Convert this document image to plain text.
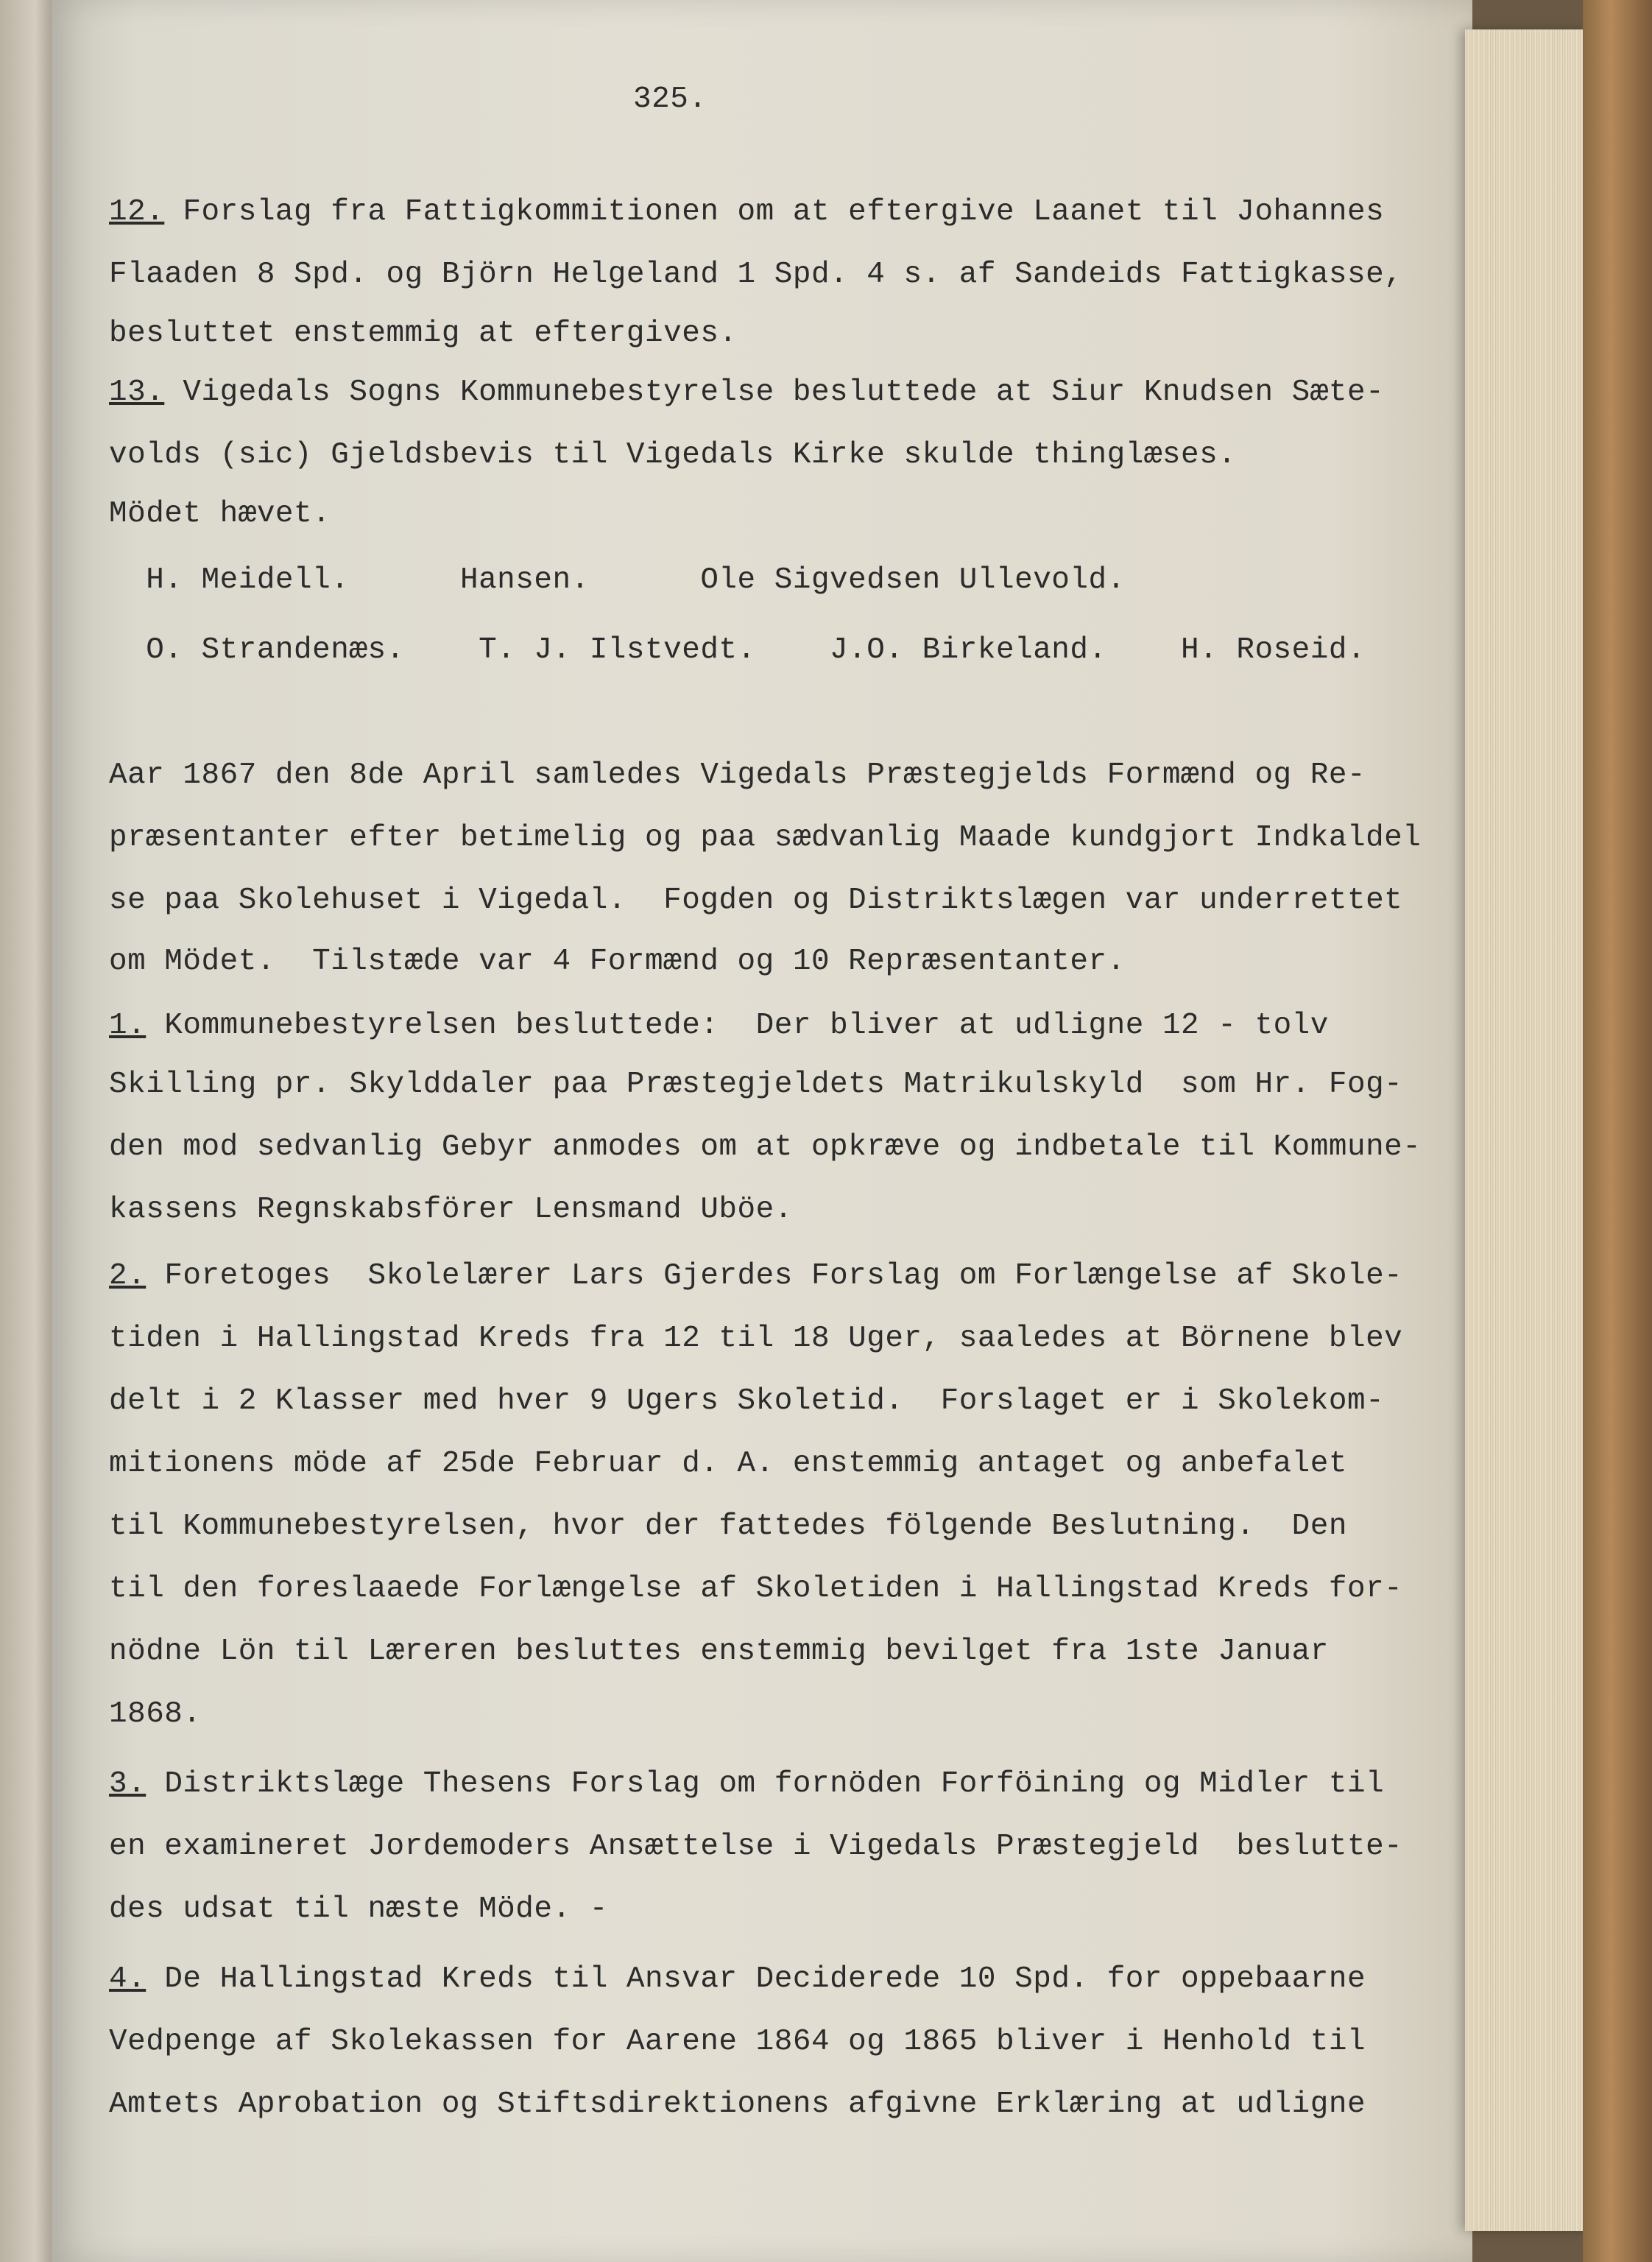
325.
12. Forslag fra Fattigkommitionen om at eftergive Laanet til Johannes
Flaaden 8 Spd. og Björn Helgeland 1 Spd. 4 s. af Sandeids Fattigkasse,
besluttet enstemmig at eftergives.
13. Vigedals Sogns Kommunebestyrelse besluttede at Siur Knudsen Sæte-
volds (sic) Gjeldsbevis til Vigedals Kirke skulde thinglæses.
Mödet hævet.
H. Meidell.      Hansen.      Ole Sigvedsen Ullevold.
O. Strandenæs.    T. J. Ilstvedt.    J.O. Birkeland.    H. Roseid.
Aar 1867 den 8de April samledes Vigedals Præstegjelds Formænd og Re-
præsentanter efter betimelig og paa sædvanlig Maade kundgjort Indkaldel
se paa Skolehuset i Vigedal.  Fogden og Distriktslægen var underrettet
om Mödet.  Tilstæde var 4 Formænd og 10 Repræsentanter.
1. Kommunebestyrelsen besluttede:  Der bliver at udligne 12 - tolv
Skilling pr. Skylddaler paa Præstegjeldets Matrikulskyld  som Hr. Fog-
den mod sedvanlig Gebyr anmodes om at opkræve og indbetale til Kommune-
kassens Regnskabsförer Lensmand Uböe.
2. Foretoges  Skolelærer Lars Gjerdes Forslag om Forlængelse af Skole-
tiden i Hallingstad Kreds fra 12 til 18 Uger, saaledes at Börnene blev
delt i 2 Klasser med hver 9 Ugers Skoletid.  Forslaget er i Skolekom-
mitionens möde af 25de Februar d. A. enstemmig antaget og anbefalet
til Kommunebestyrelsen, hvor der fattedes fölgende Beslutning.  Den
til den foreslaaede Forlængelse af Skoletiden i Hallingstad Kreds for-
nödne Lön til Læreren besluttes enstemmig bevilget fra 1ste Januar
1868.
3. Distriktslæge Thesens Forslag om fornöden Forföining og Midler til
en examineret Jordemoders Ansættelse i Vigedals Præstegjeld  beslutte-
des udsat til næste Möde. -
4. De Hallingstad Kreds til Ansvar Deciderede 10 Spd. for oppebaarne
Vedpenge af Skolekassen for Aarene 1864 og 1865 bliver i Henhold til
Amtets Aprobation og Stiftsdirektionens afgivne Erklæring at udligne
